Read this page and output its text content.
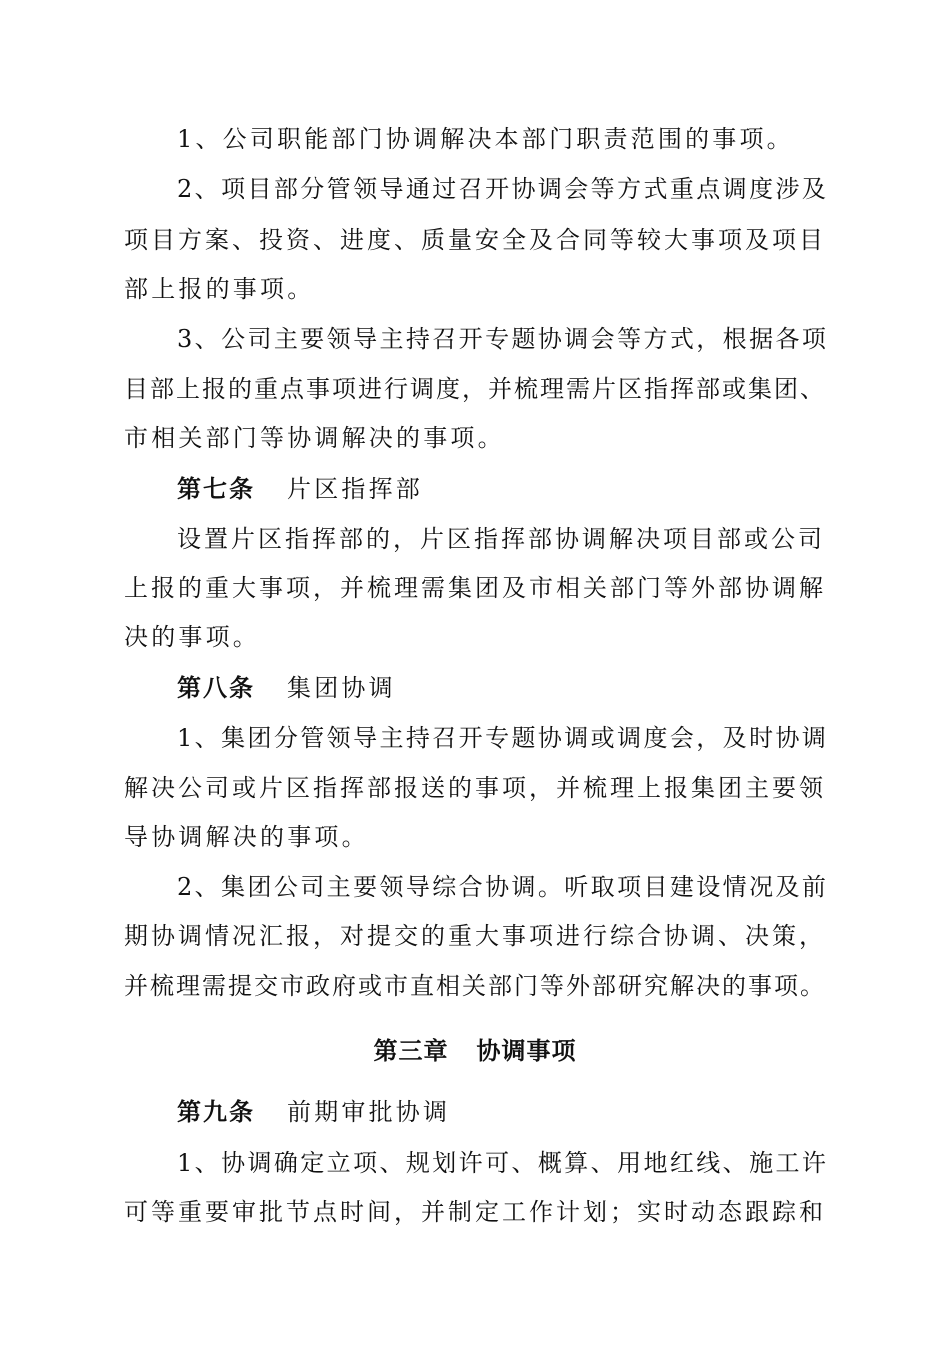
1、公司职能部门协调解决本部门职责范围的事项。
2、项目部分管领导通过召开协调会等方式重点调度涉及
项目方案、投资、进度、质量安全及合同等较大事项及项目
部上报的事项。
3、公司主要领导主持召开专题协调会等方式，根据各项
目部上报的重点事项进行调度，并梳理需片区指挥部或集团、
市相关部门等协调解决的事项。
第七条 片区指挥部
设置片区指挥部的，片区指挥部协调解决项目部或公司
上报的重大事项，并梳理需集团及市相关部门等外部协调解
决的事项。
第八条 集团协调
1、集团分管领导主持召开专题协调或调度会，及时协调
解决公司或片区指挥部报送的事项，并梳理上报集团主要领
导协调解决的事项。
2、集团公司主要领导综合协调。听取项目建设情况及前
期协调情况汇报，对提交的重大事项进行综合协调、决策，
并梳理需提交市政府或市直相关部门等外部研究解决的事项。
第三章 协调事项
第九条 前期审批协调
1、协调确定立项、规划许可、概算、用地红线、施工许
可等重要审批节点时间，并制定工作计划；实时动态跟踪和
